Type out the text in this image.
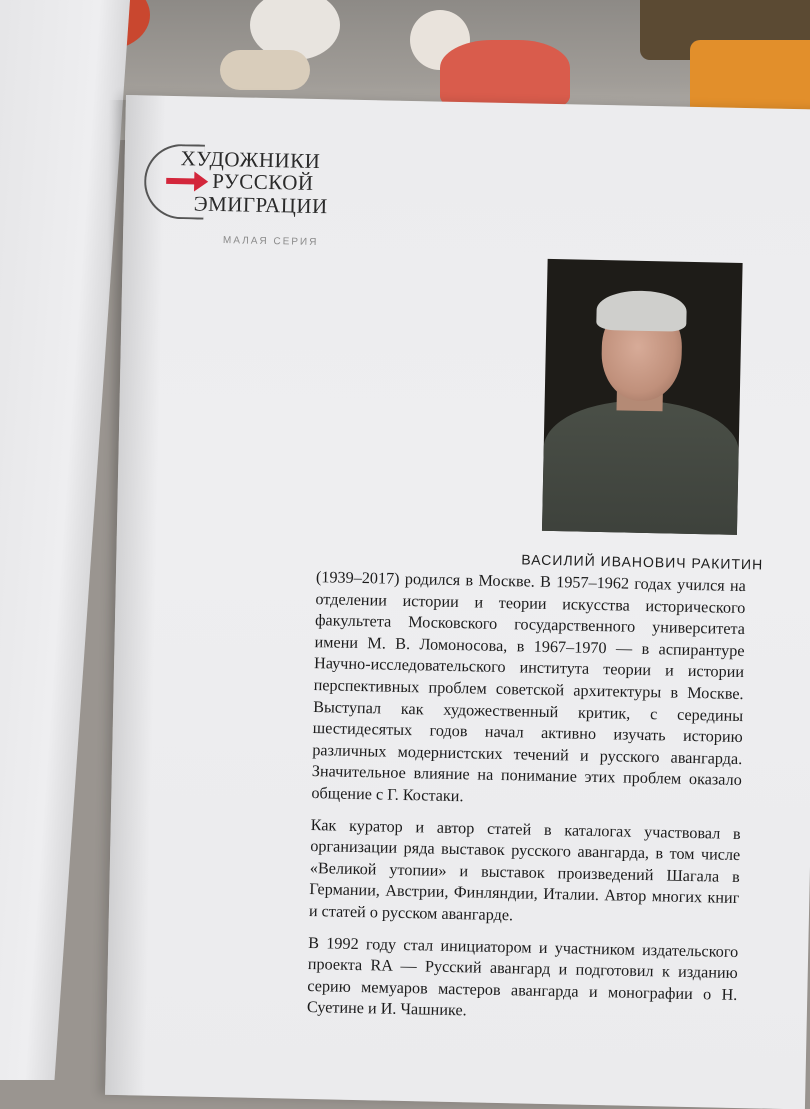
ХУДОЖНИКИ
РУССКОЙ
ЭМИГРАЦИИ
МАЛАЯ СЕРИЯ
ВАСИЛИЙ ИВАНОВИЧ РАКИТИН

(1939–2017) родился в Москве. В 1957–1962 годах учился на отделении истории и теории искусства исторического факультета Московского государственного университета имени М. В. Ломоносова, в 1967–1970 — в аспирантуре Научно-исследовательского института теории и истории перспективных проблем советской архитектуры в Москве. Выступал как художественный критик, с середины шестидесятых годов начал активно изучать историю различных модернистских течений и русского авангарда. Значительное влияние на понимание этих проблем оказало общение с Г. Костаки.

Как куратор и автор статей в каталогах участвовал в организации ряда выставок русского авангарда, в том числе «Великой утопии» и выставок произведений Шагала в Германии, Австрии, Финляндии, Италии. Автор многих книг и статей о русском авангарде.

В 1992 году стал инициатором и участником издательского проекта RA — Русский авангард и подготовил к изданию серию мемуаров мастеров авангарда и монографии о Н. Суетине и И. Чашнике.
